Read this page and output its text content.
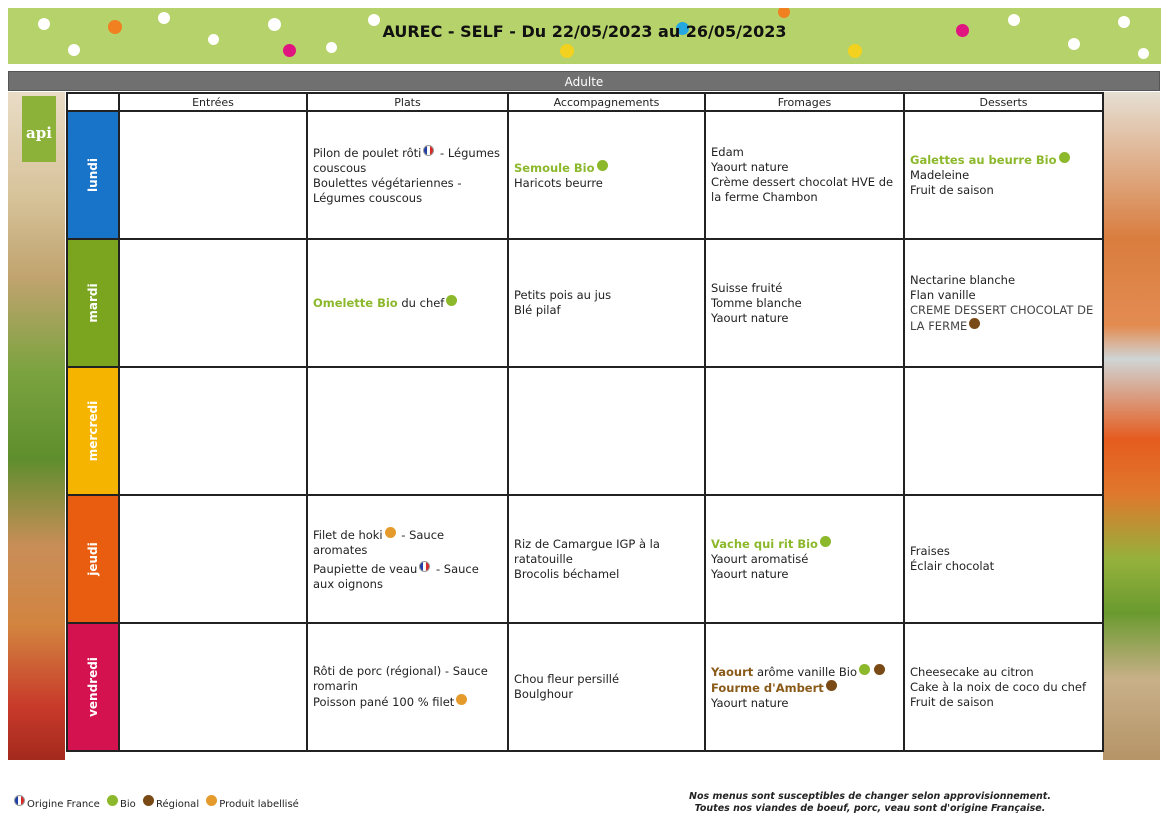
AUREC - SELF - Du 22/05/2023 au 26/05/2023
Adulte
api
	Entrées	Plats	Accompagnements	Fromages	Desserts

lundi		Pilon de poulet rôti - Légumes couscous
Boulettes végétariennes - Légumes couscous	Semoule Bio
Haricots beurre	Edam
Yaourt nature
Crème dessert chocolat HVE de la ferme Chambon	Galettes au beurre Bio
Madeleine
Fruit de saison

mardi		Omelette Bio du chef	Petits pois au jus
Blé pilaf	Suisse fruité
Tomme blanche
Yaourt nature	Nectarine blanche
Flan vanille
CREME DESSERT CHOCOLAT DE LA FERME

mercredi					

jeudi		Filet de hoki - Sauce aromates
Paupiette de veau - Sauce aux oignons	Riz de Camargue IGP à la ratatouille
Brocolis béchamel	Vache qui rit Bio
Yaourt aromatisé
Yaourt nature	Fraises
Éclair chocolat

vendredi		Rôti de porc (régional) - Sauce romarin
Poisson pané 100 % filet	Chou fleur persillé
Boulghour	Yaourt arôme vanille Bio
Fourme d'Ambert
Yaourt nature	Cheesecake au citron
Cake à la noix de coco du chef
Fruit de saison
Origine France Bio Régional Produit labellisé
Nos menus sont susceptibles de changer selon approvisionnement.
Toutes nos viandes de boeuf, porc, veau sont d'origine Française.
